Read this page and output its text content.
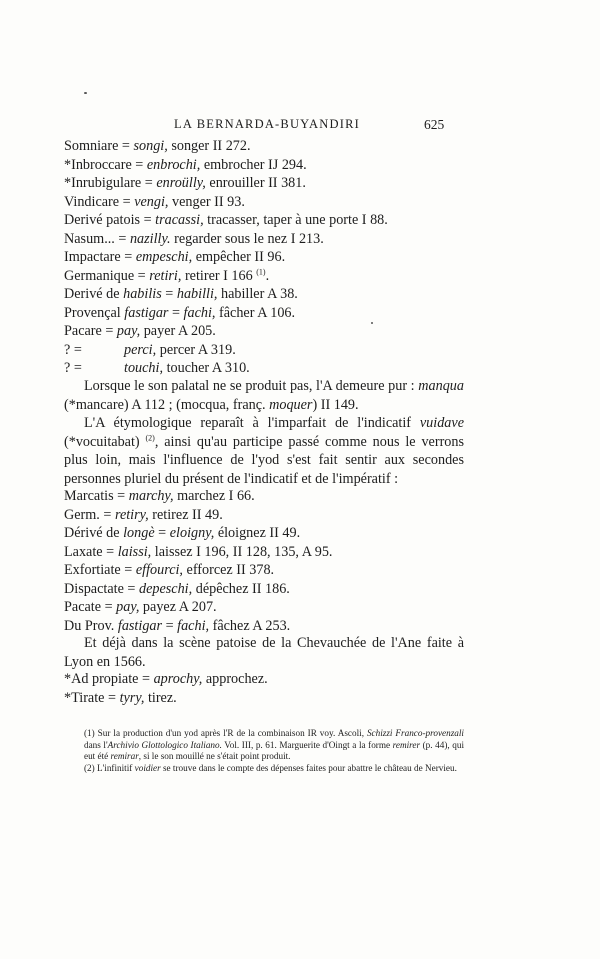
LA BERNARDA-BUYANDIRI	625
Somniare = songi, songer II 272.
*Inbroccare = enbrochi, embrocher IJ 294.
*Inrubigulare = enroülly, enrouiller II 381.
Vindicare = vengi, venger II 93.
Derivé patois = tracassi, tracasser, taper à une porte I 88.
Nasum... = nazilly. regarder sous le nez I 213.
Impactare = empeschi, empêcher II 96.
Germanique = retiri, retirer I 166 $^{(1)}$.
Derivé de habilis = habilli, habiller A 38.
Provençal fastigar = fachi, fâcher A 106.
Pacare = pay, payer A 205.
? =	perci, percer A 319.
? =	touchi, toucher A 310.
Lorsque le son palatal ne se produit pas, l'A demeure pur : manqua (*mancare) A 112 ; (mocqua, franç. moquer) II 149.
L'A étymologique reparaît à l'imparfait de l'indicatif vuidave (*vocuitabat) $^{(2)}$, ainsi qu'au participe passé comme nous le verrons plus loin, mais l'influence de l'yod s'est fait sentir aux secondes personnes pluriel du présent de l'indicatif et de l'impératif :
Marcatis = marchy, marchez I 66.
Germ. = retiry, retirez II 49.
Dérivé de longè = eloigny, éloignez II 49.
Laxate = laissi, laissez I 196, II 128, 135, A 95.
Exfortiate = effourci, efforcez II 378.
Dispactate = depeschi, dépêchez II 186.
Pacate = pay, payez A 207.
Du Prov. fastigar = fachi, fâchez A 253.
Et déjà dans la scène patoise de la Chevauchée de l'Ane faite à Lyon en 1566.
*Ad propiate = aprochy, approchez.
*Tirate = tyry, tirez.
(1) Sur la production d'un yod après l'R de la combinaison IR voy. Ascoli, Schizzi Franco-provenzali dans l'Archivio Glottologico Italiano. Vol. III, p. 61. Marguerite d'Oingt a la forme remirer (p. 44), qui eut été remirar, si le son mouillé ne s'était point produit.
(2) L'infinitif voidier se trouve dans le compte des dépenses faites pour abattre le château de Nervieu.
